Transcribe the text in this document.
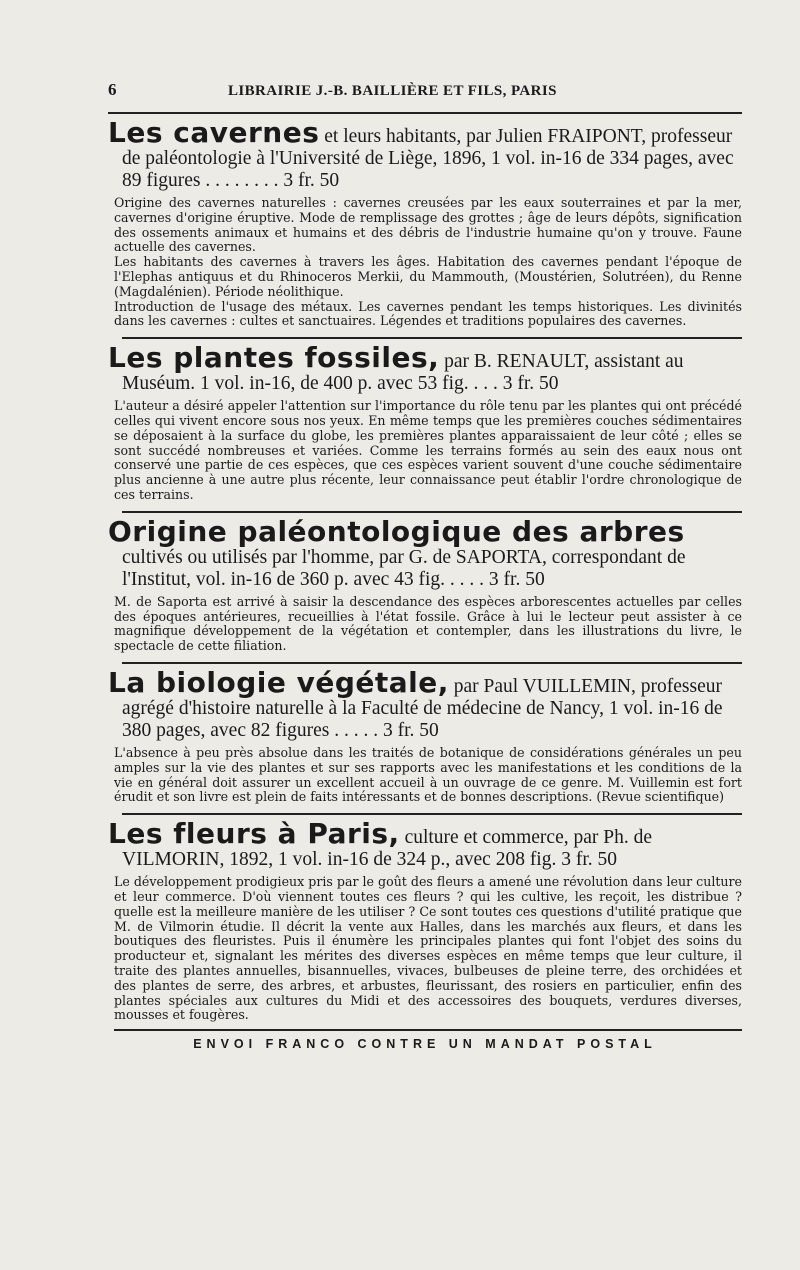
6	LIBRAIRIE J.-B. BAILLIÈRE ET FILS, PARIS
Les cavernes et leurs habitants, par Julien FRAIPONT, professeur de paléontologie à l'Université de Liège, 1896, 1 vol. in-16 de 334 pages, avec 89 figures . . . . . . . . 3 fr. 50
Origine des cavernes naturelles : cavernes creusées par les eaux souterraines et par la mer, cavernes d'origine éruptive. Mode de remplissage des grottes ; âge de leurs dépôts, signification des ossements animaux et humains et des débris de l'industrie humaine qu'on y trouve. Faune actuelle des cavernes.
Les habitants des cavernes à travers les âges. Habitation des cavernes pendant l'époque de l'Elephas antiquus et du Rhinoceros Merkii, du Mammouth, (Moustérien, Solutréen), du Renne (Magdalénien). Période néolithique.
Introduction de l'usage des métaux. Les cavernes pendant les temps historiques. Les divinités dans les cavernes : cultes et sanctuaires. Légendes et traditions populaires des cavernes.
Les plantes fossiles, par B. RENAULT, assistant au Muséum. 1 vol. in-16, de 400 p. avec 53 fig. . . . 3 fr. 50
L'auteur a désiré appeler l'attention sur l'importance du rôle tenu par les plantes qui ont précédé celles qui vivent encore sous nos yeux. En même temps que les premières couches sédimentaires se déposaient à la surface du globe, les premières plantes apparaissaient de leur côté ; elles se sont succédé nombreuses et variées. Comme les terrains formés au sein des eaux nous ont conservé une partie de ces espèces, que ces espèces varient souvent d'une couche sédimentaire plus ancienne à une autre plus récente, leur connaissance peut établir l'ordre chronologique de ces terrains.
Origine paléontologique des arbres cultivés ou utilisés par l'homme, par G. de SAPORTA, correspondant de l'Institut, vol. in-16 de 360 p. avec 43 fig. . . . . 3 fr. 50
M. de Saporta est arrivé à saisir la descendance des espèces arborescentes actuelles par celles des époques antérieures, recueillies à l'état fossile. Grâce à lui le lecteur peut assister à ce magnifique développement de la végétation et contempler, dans les illustrations du livre, le spectacle de cette filiation.
La biologie végétale, par Paul VUILLEMIN, professeur agrégé d'histoire naturelle à la Faculté de médecine de Nancy, 1 vol. in-16 de 380 pages, avec 82 figures . . . . . 3 fr. 50
L'absence à peu près absolue dans les traités de botanique de considérations générales un peu amples sur la vie des plantes et sur ses rapports avec les manifestations et les conditions de la vie en général doit assurer un excellent accueil à un ouvrage de ce genre. M. Vuillemin est fort érudit et son livre est plein de faits intéressants et de bonnes descriptions. (Revue scientifique)
Les fleurs à Paris, culture et commerce, par Ph. de VILMORIN, 1892, 1 vol. in-16 de 324 p., avec 208 fig. 3 fr. 50
Le développement prodigieux pris par le goût des fleurs a amené une révolution dans leur culture et leur commerce. D'où viennent toutes ces fleurs ? qui les cultive, les reçoit, les distribue ? quelle est la meilleure manière de les utiliser ? Ce sont toutes ces questions d'utilité pratique que M. de Vilmorin étudie. Il décrit la vente aux Halles, dans les marchés aux fleurs, et dans les boutiques des fleuristes. Puis il énumère les principales plantes qui font l'objet des soins du producteur et, signalant les mérites des diverses espèces en même temps que leur culture, il traite des plantes annuelles, bisannuelles, vivaces, bulbeuses de pleine terre, des orchidées et des plantes de serre, des arbres, et arbustes, fleurissant, des rosiers en particulier, enfin des plantes spéciales aux cultures du Midi et des accessoires des bouquets, verdures diverses, mousses et fougères.
ENVOI FRANCO CONTRE UN MANDAT POSTAL
